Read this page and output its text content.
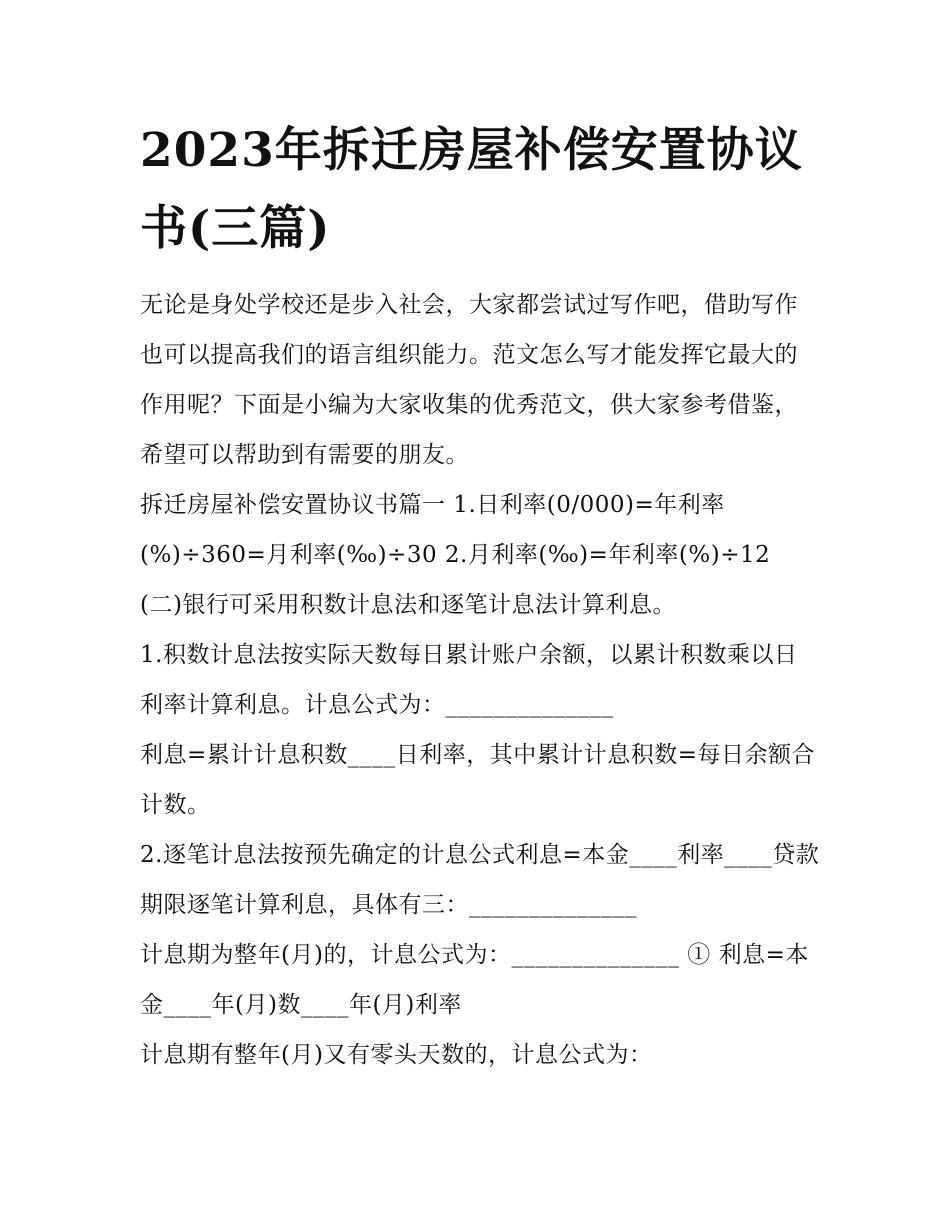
2023年拆迁房屋补偿安置协议
书(三篇)

无论是身处学校还是步入社会，大家都尝试过写作吧，借助写作也可以提高我们的语言组织能力。范文怎么写才能发挥它最大的作用呢？下面是小编为大家收集的优秀范文，供大家参考借鉴，希望可以帮助到有需要的朋友。

拆迁房屋补偿安置协议书篇一 1.日利率(0/000)=年利率(%)÷360=月利率(‰)÷30 2.月利率(‰)=年利率(%)÷12

(二)银行可采用积数计息法和逐笔计息法计算利息。

1.积数计息法按实际天数每日累计账户余额，以累计积数乘以日利率计算利息。计息公式为：______________

利息=累计计息积数____日利率，其中累计计息积数=每日余额合计数。

2.逐笔计息法按预先确定的计息公式利息=本金____利率____贷款期限逐笔计算利息，具体有三：______________

计息期为整年(月)的，计息公式为：______________ ① 利息=本金____年(月)数____年(月)利率

计息期有整年(月)又有零头天数的，计息公式为：
